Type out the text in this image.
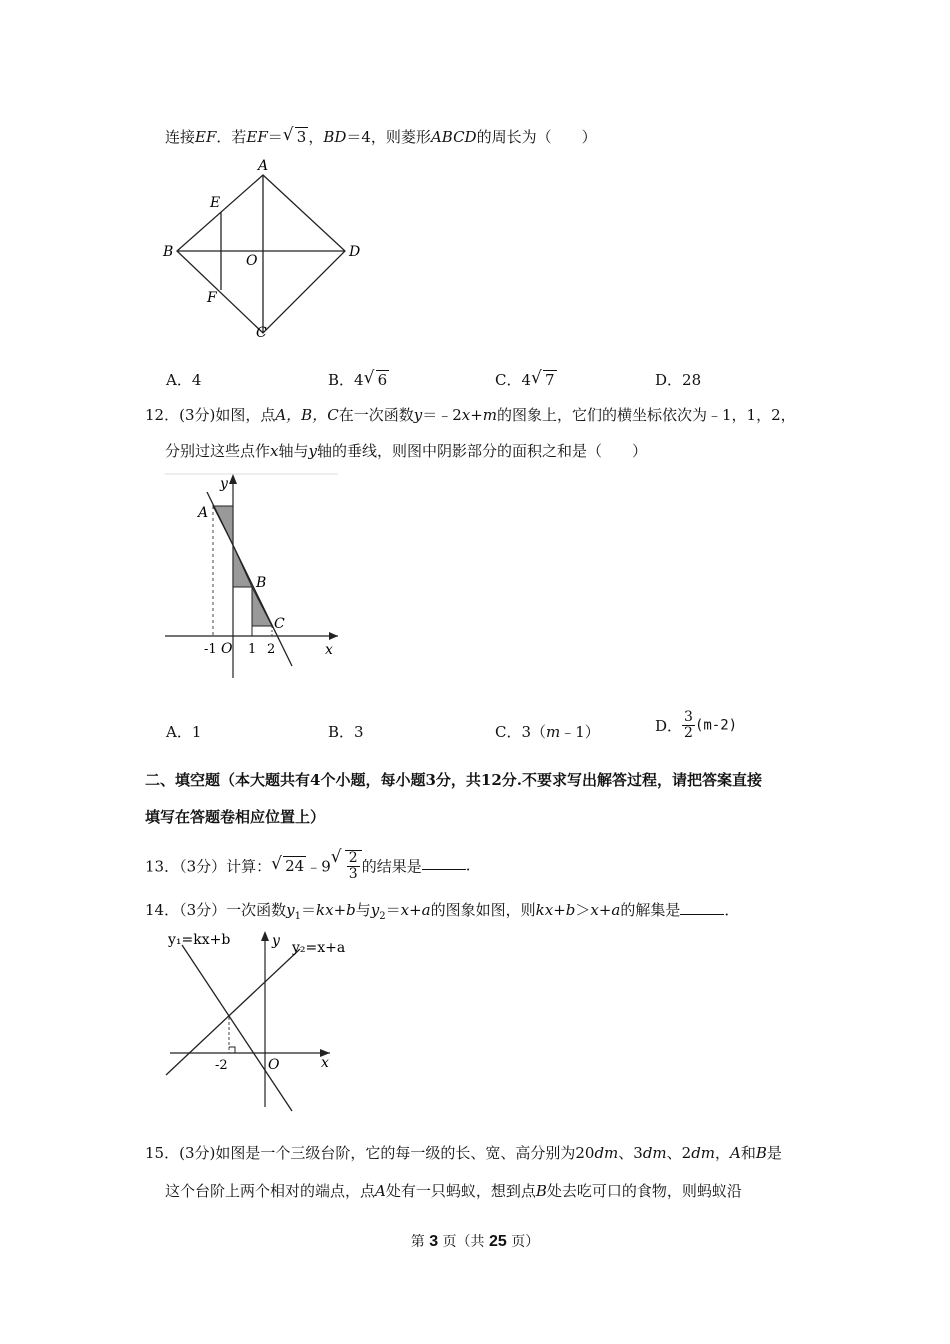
连接EF．若EF＝ √ 3 ，BD＝4，则菱形ABCD的周长为（　　）
A
B
C
D
E
F
O
A．4	B．4 √ 6	C．4 √ 7	D．28
12．(3分)如图，点A，B，C在一次函数y＝﹣2x+m的图象上，它们的横坐标依次为﹣1，1，2，
分别过这些点作x轴与y轴的垂线，则图中阴影部分的面积之和是（　　）
y
x
A
B
C
-1 O 1 2
A．1	B．3	C．3（m﹣1）	D． $\frac{3}{2} (m-2)$
二、填空题（本大题共有4个小题，每小题3分，共12分.不要求写出解答过程，请把答案直接
填写在答题卷相应位置上）
13．（3分）计算： √ 24 ﹣9 √ $\frac{2}{3}$ 的结果是	．
14．（3分）一次函数$y_1=kx+b$与$y_2=x+a$的图象如图，则kx+b＞x+a的解集是	．
y₁=kx+b	y₂=x+a
y
x
-2	O
15．(3分)如图是一个三级台阶，它的每一级的长、宽、高分别为20dm、3dm、2dm，A和B是
这个台阶上两个相对的端点，点A处有一只蚂蚁，想到点B处去吃可口的食物，则蚂蚁沿
第 3 页（共 25 页）
